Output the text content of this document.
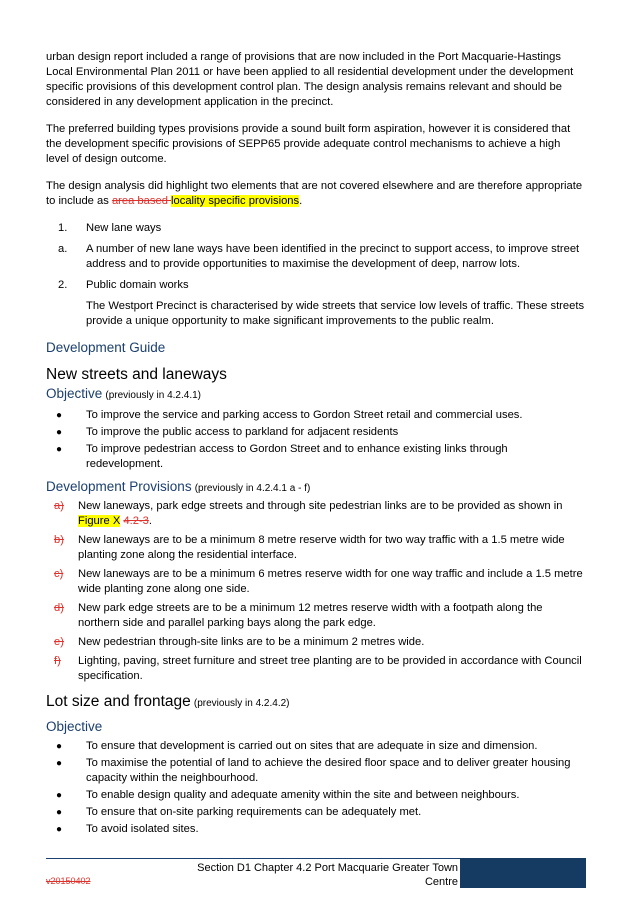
urban design report included a range of provisions that are now included in the Port Macquarie-Hastings Local Environmental Plan 2011 or have been applied to all residential development under the development specific provisions of this development control plan. The design analysis remains relevant and should be considered in any development application in the precinct.

The preferred building types provisions provide a sound built form aspiration, however it is considered that the development specific provisions of SEPP65 provide adequate control mechanisms to achieve a high level of design outcome.

The design analysis did highlight two elements that are not covered elsewhere and are therefore appropriate to include as area based locality specific provisions.

1.	New lane ways
a.	A number of new lane ways have been identified in the precinct to support access, to improve street address and to provide opportunities to maximise the development of deep, narrow lots.
2.	Public domain works

The Westport Precinct is characterised by wide streets that service low levels of traffic. These streets provide a unique opportunity to make significant improvements to the public realm.

Development Guide
New streets and laneways
Objective (previously in 4.2.4.1)
●	To improve the service and parking access to Gordon Street retail and commercial uses.
●	To improve the public access to parkland for adjacent residents
●	To improve pedestrian access to Gordon Street and to enhance existing links through redevelopment.
Development Provisions (previously in 4.2.4.1 a - f)
a)	New laneways, park edge streets and through site pedestrian links are to be provided as shown in Figure X 4.2-3.
b)	New laneways are to be a minimum 8 metre reserve width for two way traffic with a 1.5 metre wide planting zone along the residential interface.
c)	New laneways are to be a minimum 6 metres reserve width for one way traffic and include a 1.5 metre wide planting zone along one side.
d)	New park edge streets are to be a minimum 12 metres reserve width with a footpath along the northern side and parallel parking bays along the park edge.
e)	New pedestrian through-site links are to be a minimum 2 metres wide.
f)	Lighting, paving, street furniture and street tree planting are to be provided in accordance with Council specification.
Lot size and frontage (previously in 4.2.4.2)
Objective
●	To ensure that development is carried out on sites that are adequate in size and dimension.
●	To maximise the potential of land to achieve the desired floor space and to deliver greater housing capacity within the neighbourhood.
●	To enable design quality and adequate amenity within the site and between neighbours.
●	To ensure that on-site parking requirements can be adequately met.
●	To avoid isolated sites.
v20150402
Section D1 Chapter 4.2 Port Macquarie Greater Town Centre
